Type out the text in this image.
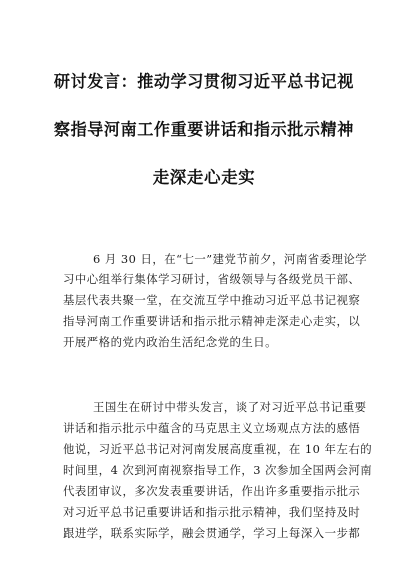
研讨发言：推动学习贯彻习近平总书记视
察指导河南工作重要讲话和指示批示精神
走深走心走实
6 月 30 日，在“七一”建党节前夕，河南省委理论学
习中心组举行集体学习研讨，省级领导与各级党员干部、
基层代表共聚一堂，在交流互学中推动习近平总书记视察
指导河南工作重要讲话和指示批示精神走深走心走实，以
开展严格的党内政治生活纪念党的生日。
王国生在研讨中带头发言，谈了对习近平总书记重要
讲话和指示批示中蕴含的马克思主义立场观点方法的感悟
他说，习近平总书记对河南发展高度重视，在 10 年左右的
时间里，4 次到河南视察指导工作，3 次参加全国两会河南
代表团审议，多次发表重要讲话，作出许多重要指示批示
对习近平总书记重要讲话和指示批示精神，我们坚持及时
跟进学，联系实际学，融会贯通学，学习上每深入一步都
